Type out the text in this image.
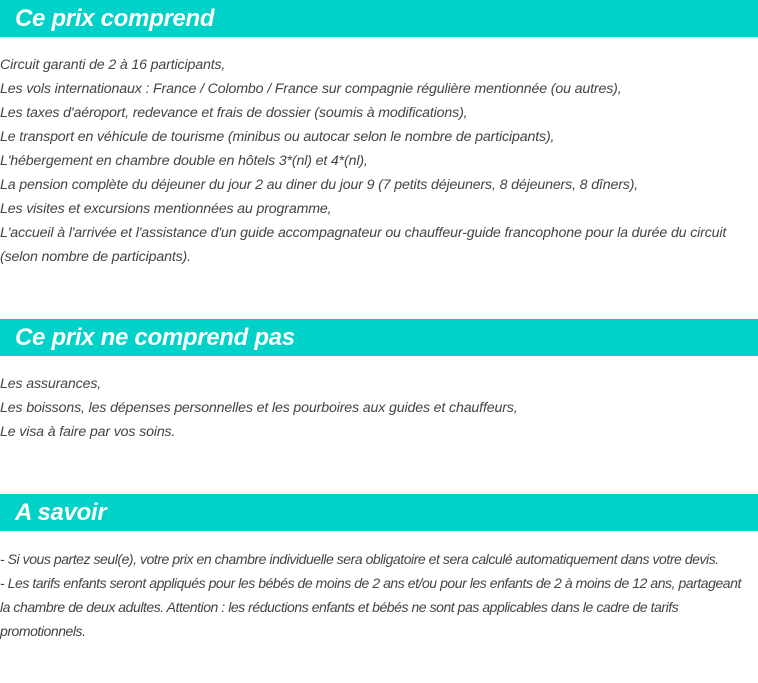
Ce prix comprend
Circuit garanti de 2 à 16 participants,
Les vols internationaux : France / Colombo / France sur compagnie régulière mentionnée (ou autres),
Les taxes d'aéroport, redevance et frais de dossier (soumis à modifications),
Le transport en véhicule de tourisme (minibus ou autocar selon le nombre de participants),
L'hébergement en chambre double en hôtels 3*(nl) et 4*(nl),
La pension complète du déjeuner du jour 2 au diner du jour 9 (7 petits déjeuners, 8 déjeuners, 8 dîners),
Les visites et excursions mentionnées au programme,
L'accueil à l'arrivée et l'assistance d'un guide accompagnateur ou chauffeur-guide francophone pour la durée du circuit (selon nombre de participants).
Ce prix ne comprend pas
Les assurances,
Les boissons, les dépenses personnelles et les pourboires aux guides et chauffeurs,
Le visa à faire par vos soins.
A savoir
- Si vous partez seul(e), votre prix en chambre individuelle sera obligatoire et sera calculé automatiquement dans votre devis.
- Les tarifs enfants seront appliqués pour les bébés de moins de 2 ans et/ou pour les enfants de 2 à moins de 12 ans, partageant la chambre de deux adultes. Attention : les réductions enfants et bébés ne sont pas applicables dans le cadre de tarifs promotionnels.
